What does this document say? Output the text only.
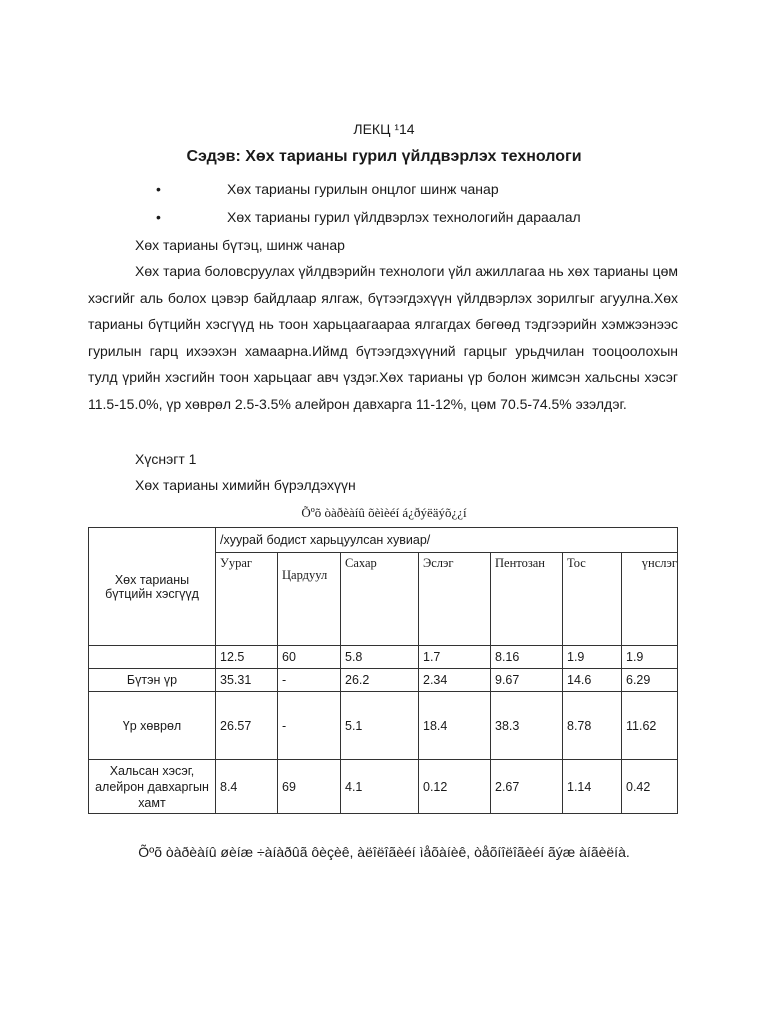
ЛЕКЦ ¹14
Сэдэв: Хөх тарианы гурил үйлдвэрлэх технологи
•	Хөх тарианы гурилын онцлог шинж чанар
•	Хөх тарианы гурил үйлдвэрлэх технологийн дараалал
Хөх тарианы бүтэц, шинж чанар
Хөх тариа боловсруулах үйлдвэрийн технологи үйл ажиллагаа нь хөх тарианы цөм хэсгийг аль болох цэвэр байдлаар ялгаж, бүтээгдэхүүн үйлдвэрлэх зорилгыг агуулна.Хөх тарианы бүтцийн хэсгүүд нь тоон харьцаагаараа ялгагдах бөгөөд тэдгээрийн хэмжээнээс гурилын гарц ихээхэн хамаарна.Иймд бүтээгдэхүүний гарцыг урьдчилан тооцоолохын тулд үрийн хэсгийн тоон харьцааг авч үздэг.Хөх тарианы үр болон жимсэн хальсны хэсэг 11.5-15.0%, үр хөврөл 2.5-3.5% алейрон давхарга 11-12%, цөм 70.5-74.5% эзэлдэг.
Хүснэгт 1
Хөх тарианы химийн бүрэлдэхүүн
Õºõ òàðèàíû õèìèéí á¿ðýëäýõ¿¿í
Хөх тарианы бүтцийн хэсгүүд	/хуурай бодист харьцуулсан хувиар/						
	Уураг	Цардуул	Сахар	Эслэг	Пентозан	Тос	үнслэг
	12.5	60	5.8	1.7	8.16	1.9	1.9
Бүтэн үр	35.31	-	26.2	2.34	9.67	14.6	6.29
Үр хөврөл	26.57	-	5.1	18.4	38.3	8.78	11.62
Хальсан хэсэг, алейрон давхаргын хамт	8.4	69	4.1	0.12	2.67	1.14	0.42
Õºõ òàðèàíû øèíæ ÷àíàðûã ôèçèê, àëîëîãèéí ìåõàíèê, òåõíîëîãèéí ãýæ àíãèëíà.
